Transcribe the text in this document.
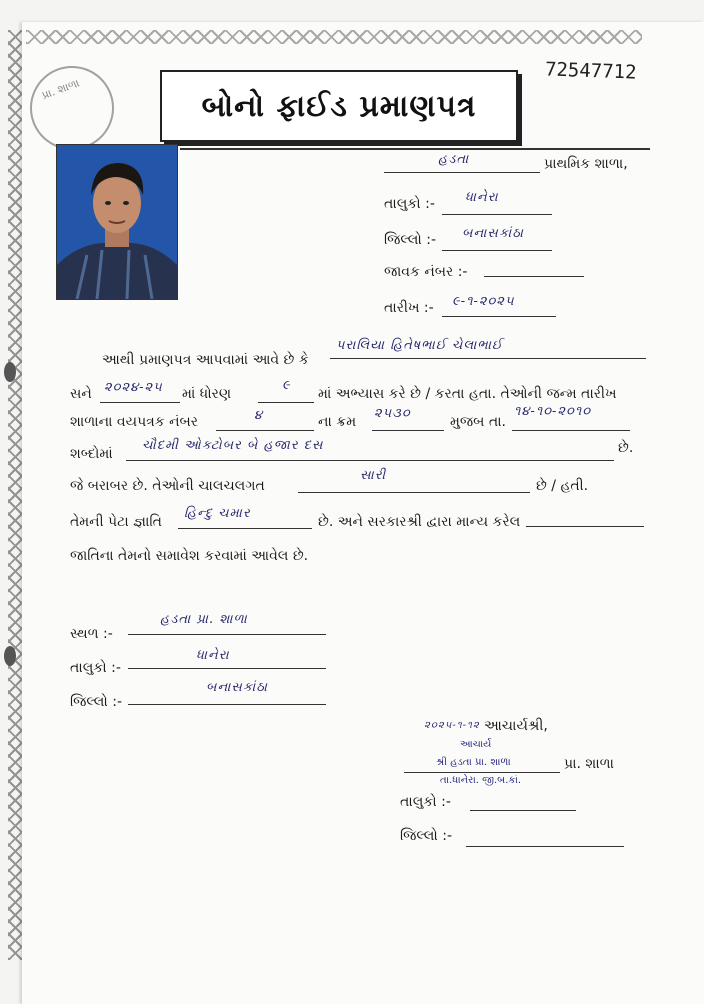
પ્રા. શાળા
72547712
બોનો ફાઈડ પ્રમાણપત્ર
હડતા	પ્રાથમિક શાળા,
તાલુકો :- ધાનેરા
જિલ્લો :- બનાસકાંઠા
જાવક નંબર :-
તારીખ :- ૯-૧-૨૦૨૫
આથી પ્રમાણપત્ર આપવામાં આવે છે કે
પરાલિયા હિતેષભાઈ ચેલાભાઈ
સને ૨૦૨૪-૨૫ માં ધોરણ
૯
માં અભ્યાસ કરે છે / કરતા હતા. તેઓની જન્મ તારીખ
શાળાના વયપત્રક નંબર	૪	ના ક્રમ
૨૫૩૦
મુજબ તા.
૧૪-૧૦-૨૦૧૦
શબ્દોમાં
ચૌદમી ઓક્ટોબર બે હજાર દસ	છે.
જે બરાબર છે. તેઓની ચાલચલગત
સારી
છે / હતી.
તેમની પેટા જ્ઞાતિ
હિન્દુ ચમાર
છે. અને સરકારશ્રી દ્વારા માન્ય કરેલ
જાતિના તેમનો સમાવેશ કરવામાં આવેલ છે.
સ્થળ :-
હડતા પ્રા. શાળા
તાલુકો :-
ધાનેરા
જિલ્લો :-
બનાસકાંઠા
૨૦૨૫-૧-૧૨ આચાર્યશ્રી,
આચાર્ય
શ્રી હડતા પ્રા. શાળા
તા.ધાનેરા. જી.બ.કાં.
પ્રા. શાળા
તાલુકો :-
જિલ્લો :-
